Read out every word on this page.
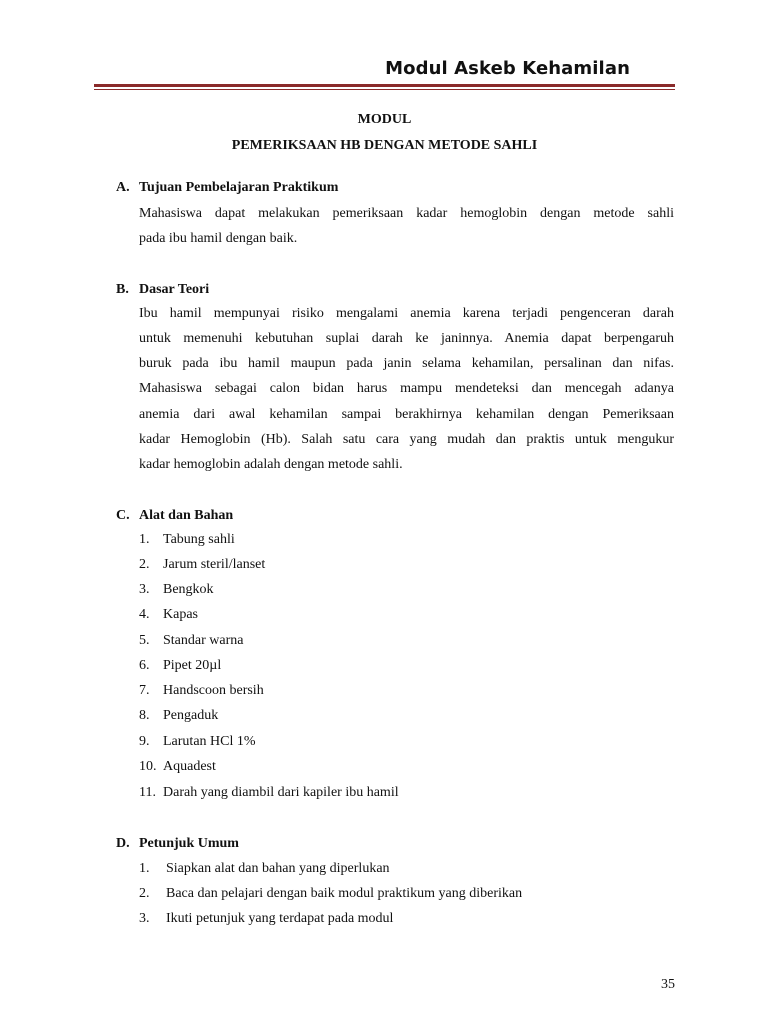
Modul Askeb Kehamilan
MODUL
PEMERIKSAAN HB DENGAN METODE SAHLI
A. Tujuan Pembelajaran Praktikum
Mahasiswa dapat melakukan pemeriksaan kadar hemoglobin dengan metode sahli
pada ibu hamil dengan baik.
B. Dasar Teori
Ibu hamil mempunyai risiko mengalami anemia karena terjadi pengenceran darah
untuk memenuhi kebutuhan suplai darah ke janinnya. Anemia dapat berpengaruh
buruk pada ibu hamil maupun pada janin selama kehamilan, persalinan dan nifas.
Mahasiswa sebagai calon bidan harus mampu mendeteksi dan mencegah adanya
anemia dari awal kehamilan sampai berakhirnya kehamilan dengan Pemeriksaan
kadar Hemoglobin (Hb). Salah satu cara yang mudah dan praktis untuk mengukur
kadar hemoglobin adalah dengan metode sahli.
C. Alat dan Bahan
1. Tabung sahli
2. Jarum steril/lanset
3. Bengkok
4. Kapas
5. Standar warna
6. Pipet 20µl
7. Handscoon bersih
8. Pengaduk
9. Larutan HCl 1%
10. Aquadest
11. Darah yang diambil dari kapiler ibu hamil
D. Petunjuk Umum
1. Siapkan alat dan bahan yang diperlukan
2. Baca dan pelajari dengan baik modul praktikum yang diberikan
3. Ikuti petunjuk yang terdapat pada modul
35
